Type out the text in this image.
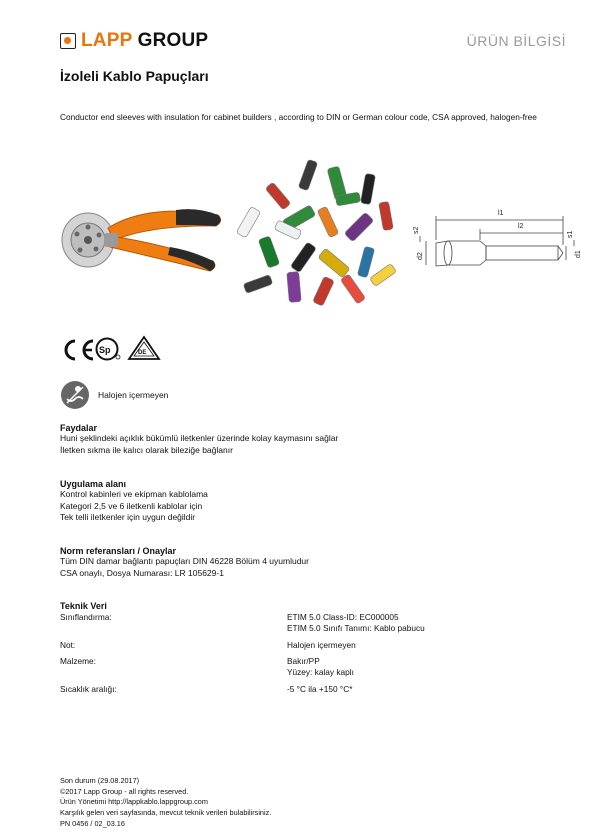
LAPP GROUP	ÜRÜN BİLGİSİ
İzoleli Kablo Papuçları
Conductor end sleeves with insulation for cabinet builders , according to DIN or German colour code, CSA approved, halogen-free
l1
l2
s2
d2
s1
d1
Sp	DE
Halojen içermeyen
Faydalar
Huni şeklindeki açıklık bükümlü iletkenler üzerinde kolay kaymasını sağlar
İletken sıkma ile kalıcı olarak bileziğe bağlanır
Uygulama alanı
Kontrol kabinleri ve ekipman kablolama
Kategori 2,5 ve 6 iletkenli kablolar için
Tek telli iletkenler için uygun değildir
Norm referansları / Onaylar
Tüm DIN damar bağlantı papuçları DIN 46228 Bölüm 4 uyumludur
CSA onaylı, Dosya Numarası: LR 105629-1
Teknik Veri
Sınıflandırma:	ETIM 5.0 Class-ID: EC000005
ETIM 5.0 Sınıfı Tanımı: Kablo pabucu
Not:	Halojen içermeyen
Malzeme:	Bakır/PP
Yüzey: kalay kaplı
Sıcaklık aralığı:	-5 °C ila +150 °C*
Son durum (29.08.2017)
©2017 Lapp Group - all rights reserved.
Ürün Yönetimi http://lappkablo.lappgroup.com
Karşılık gelen veri sayfasında, mevcut teknik verileri bulabilirsiniz.
PN 0456 / 02_03.16
